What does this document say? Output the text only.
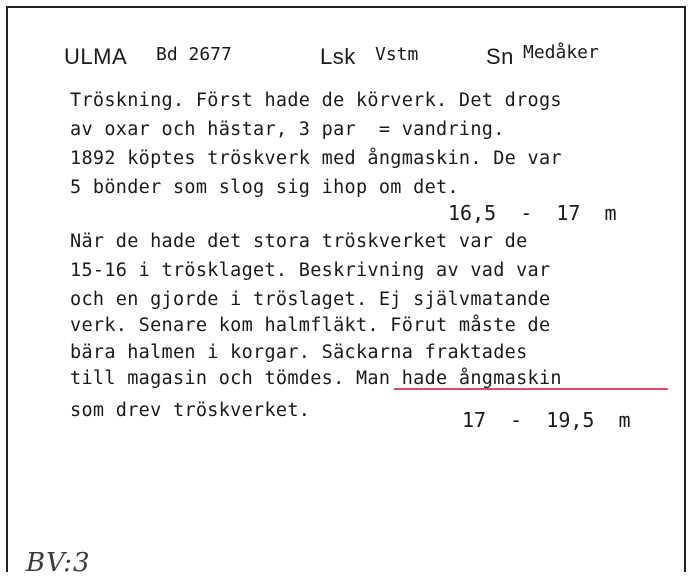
ULMA Bd 2677	Lsk Vstm	Sn Medåker
Tröskning. Först hade de körverk. Det drogs
av oxar och hästar, 3 par  = vandring.
1892 köptes tröskverk med ångmaskin. De var
5 bönder som slog sig ihop om det.
16,5  -  17  m
När de hade det stora tröskverket var de
15-16 i trösklaget. Beskrivning av vad var
och en gjorde i tröslaget. Ej självmatande
verk. Senare kom halmfläkt. Förut måste de
bära halmen i korgar. Säckarna fraktades
till magasin och tömdes. Man hade ångmaskin
som drev tröskverket.	17  -  19,5  m
BV:3
